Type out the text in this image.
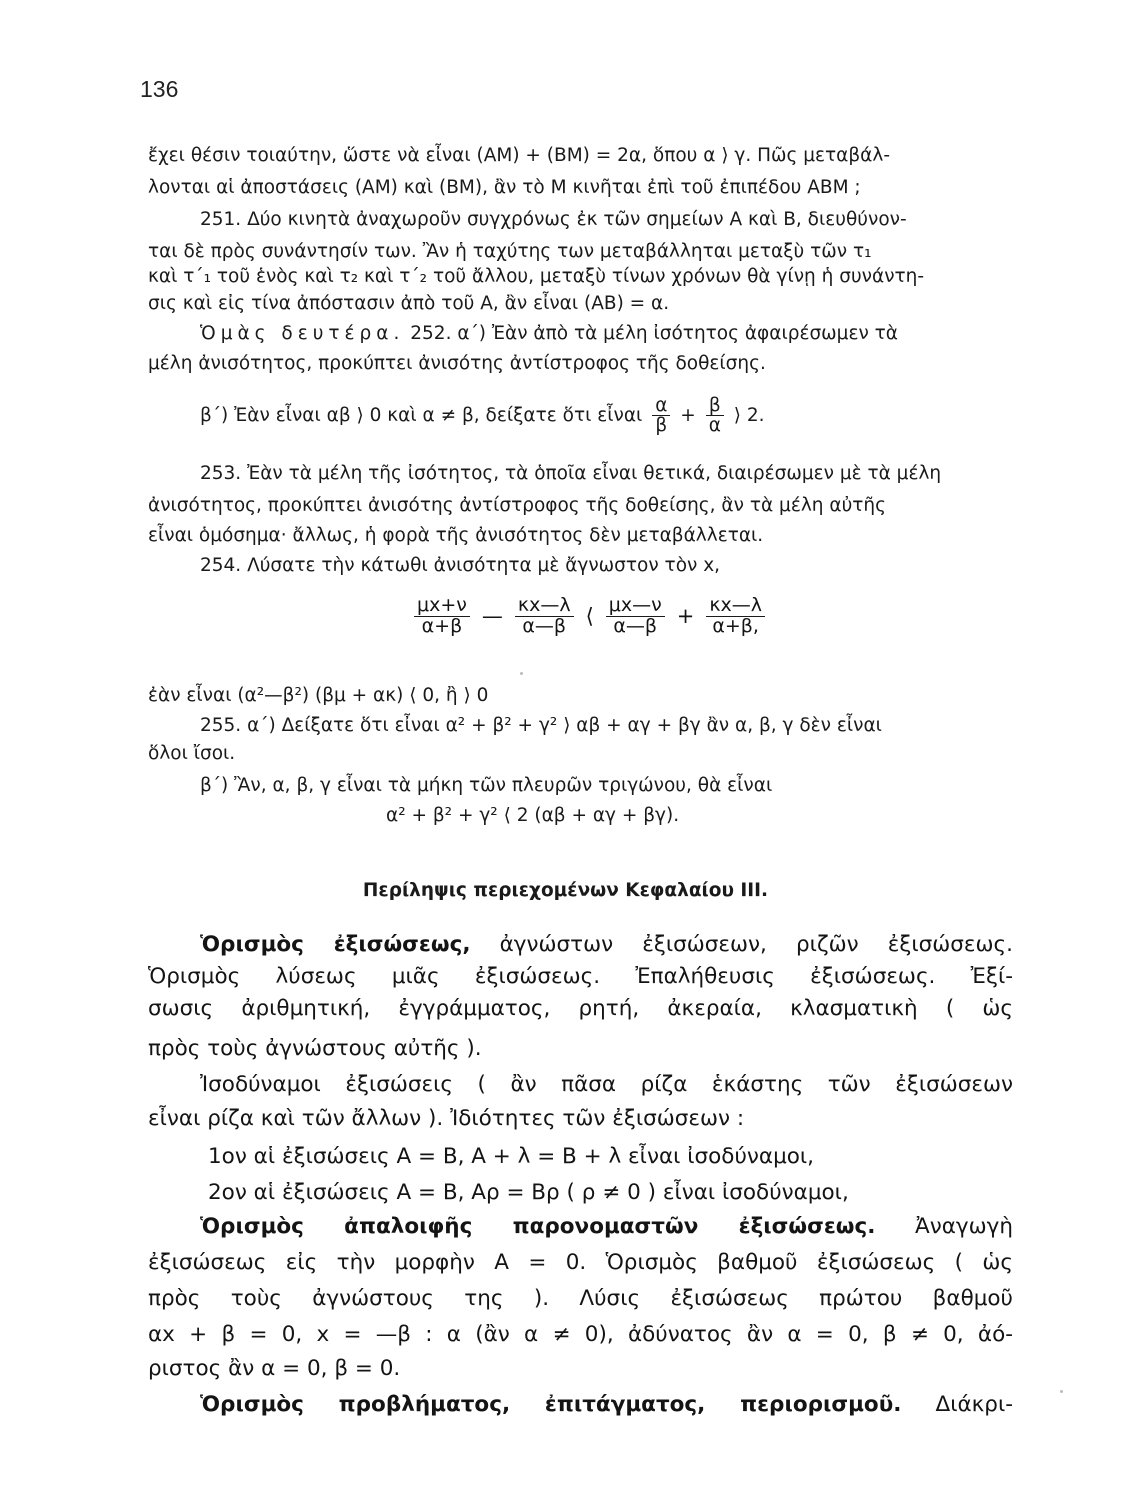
136
ἔχει θέσιν τοιαύτην, ὥστε νὰ εἶναι (ΑΜ) + (ΒΜ) = 2α, ὅπου α ⟩ γ. Πῶς μεταβάλ-
λονται αἱ ἀποστάσεις (ΑΜ) καὶ (ΒΜ), ἂν τὸ Μ κινῆται ἐπὶ τοῦ ἐπιπέδου ΑΒΜ ;
251. Δύο κινητὰ ἀναχωροῦν συγχρόνως ἐκ τῶν σημείων Α καὶ Β, διευθύνον-
ται δὲ πρὸς συνάντησίν των. Ἂν ἡ ταχύτης των μεταβάλληται μεταξὺ τῶν τ₁
καὶ τ΄₁ τοῦ ἑνὸς καὶ τ₂ καὶ τ΄₂ τοῦ ἄλλου, μεταξὺ τίνων χρόνων θὰ γίνῃ ἡ συνάντη-
σις καὶ εἰς τίνα ἀπόστασιν ἀπὸ τοῦ Α, ἂν εἶναι (ΑΒ) = α.
Ὁμὰς δευτέρα. 252. α΄) Ἐὰν ἀπὸ τὰ μέλη ἰσότητος ἀφαιρέσωμεν τὰ
μέλη ἀνισότητος, προκύπτει ἀνισότης ἀντίστροφος τῆς δοθείσης.
β΄) Ἐὰν εἶναι αβ ⟩ 0 καὶ α ≠ β, δείξατε ὅτι εἶναι $\frac{\alpha}{\beta} + \frac{\beta}{\alpha}$ ⟩ 2.
253. Ἐὰν τὰ μέλη τῆς ἰσότητος, τὰ ὁποῖα εἶναι θετικά, διαιρέσωμεν μὲ τὰ μέλη
ἀνισότητος, προκύπτει ἀνισότης ἀντίστροφος τῆς δοθείσης, ἂν τὰ μέλη αὐτῆς
εἶναι ὁμόσημα· ἄλλως, ἡ φορὰ τῆς ἀνισότητος δὲν μεταβάλλεται.
254. Λύσατε τὴν κάτωθι ἀνισότητα μὲ ἄγνωστον τὸν x,
$\frac{\mu x+\nu}{\alpha+\beta}$ — $\frac{\kappa x—\lambda}{\alpha—\beta}$ ⟨ $\frac{\mu x—\nu}{\alpha—\beta} + \frac{\kappa x—\lambda}{\alpha+\beta,}$
ἐὰν εἶναι (α²—β²) (βμ + ακ) ⟨ 0, ἢ ⟩ 0
255. α΄) Δείξατε ὅτι εἶναι α² + β² + γ² ⟩ αβ + αγ + βγ ἂν α, β, γ δὲν εἶναι
ὅλοι ἴσοι.
β΄) Ἂν, α, β, γ εἶναι τὰ μήκη τῶν πλευρῶν τριγώνου, θὰ εἶναι
α² + β² + γ² ⟨ 2 (αβ + αγ + βγ).
Περίληψις περιεχομένων Κεφαλαίου ΙΙΙ.
Ὁρισμὸς ἐξισώσεως, ἀγνώστων ἐξισώσεων, ριζῶν ἐξισώσεως.
Ὁρισμὸς λύσεως μιᾶς ἐξισώσεως. Ἐπαλήθευσις ἐξισώσεως. Ἐξί-
σωσις ἀριθμητική, ἐγγράμματος, ρητή, ἀκεραία, κλασματικὴ ( ὡς
πρὸς τοὺς ἀγνώστους αὐτῆς ).
Ἰσοδύναμοι ἐξισώσεις ( ἂν πᾶσα ρίζα ἑκάστης τῶν ἐξισώσεων
εἶναι ρίζα καὶ τῶν ἄλλων ). Ἰδιότητες τῶν ἐξισώσεων :
1ον αἱ ἐξισώσεις Α = Β, Α + λ = Β + λ εἶναι ἰσοδύναμοι,
2ον αἱ ἐξισώσεις Α = Β, Αρ = Βρ ( ρ ≠ 0 ) εἶναι ἰσοδύναμοι,
Ὁρισμὸς ἀπαλοιφῆς παρονομαστῶν ἐξισώσεως. Ἀναγωγὴ
ἐξισώσεως εἰς τὴν μορφὴν Α = 0. Ὁρισμὸς βαθμοῦ ἐξισώσεως ( ὡς
πρὸς τοὺς ἀγνώστους της ). Λύσις ἐξισώσεως πρώτου βαθμοῦ
αx + β = 0, x = —β : α (ἂν α ≠ 0), ἀδύνατος ἂν α = 0, β ≠ 0, ἀό-
ριστος ἂν α = 0, β = 0.
Ὁρισμὸς προβλήματος, ἐπιτάγματος, περιορισμοῦ. Διάκρι-
